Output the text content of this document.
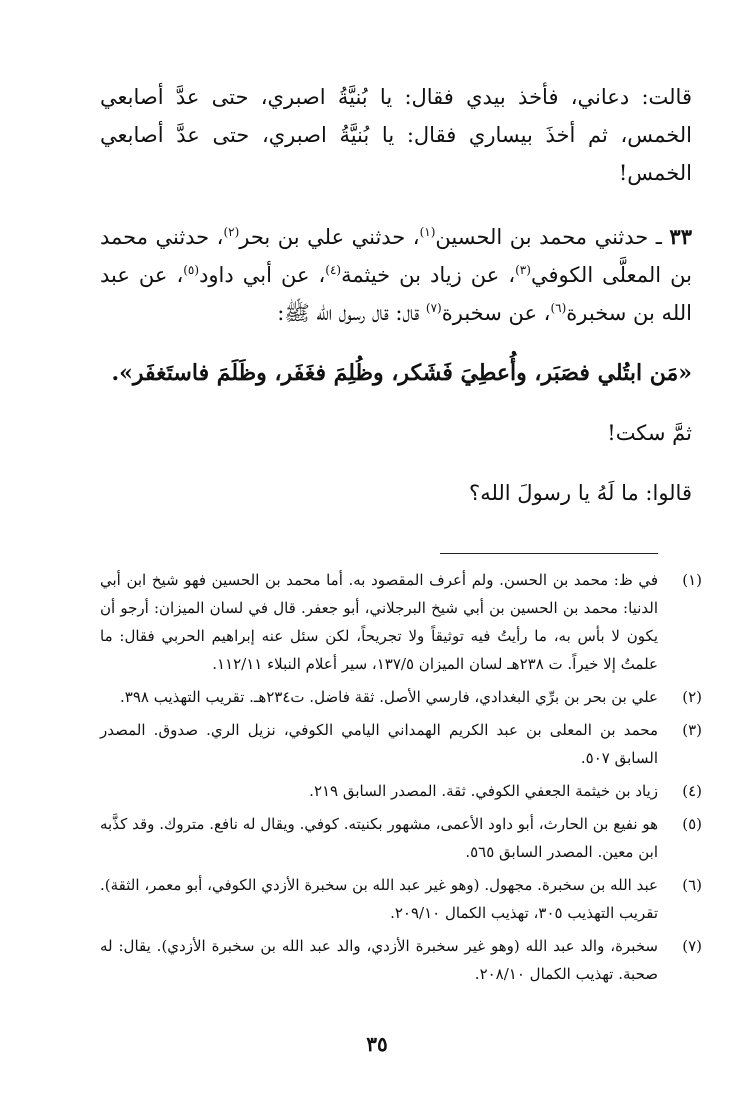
قالت: دعاني، فأخذ بيدي فقال: يا بُنيَّةُ اصبري، حتى عدَّ أصابعي الخمس، ثم أخذَ بيساري فقال: يا بُنيَّةُ اصبري، حتى عدَّ أصابعي الخمس!

٣٣ ـ حدثني محمد بن الحسين$^{(١)}$، حدثني علي بن بحر$^{(٢)}$، حدثني محمد بن المعلَّى الكوفي$^{(٣)}$، عن زياد بن خيثمة$^{(٤)}$، عن أبي داود$^{(٥)}$، عن عبد الله بن سخبرة$^{(٦)}$، عن سخبرة$^{(٧)}$ قال: قال رسول الله ﷺ:

«مَن ابتُلي فصَبَر، وأُعطِيَ فَشَكر، وظُلِمَ فغَفَر، وظَلَمَ فاستَغفَر».

ثمَّ سكت!

قالوا: ما لَهُ يا رسولَ الله؟

(١)
في ظ: محمد بن الحسن. ولم أعرف المقصود به. أما محمد بن الحسين فهو شيخ ابن أبي الدنيا: محمد بن الحسين بن أبي شيخ البرجلاني، أبو جعفر. قال في لسان الميزان: أرجو أن يكون لا بأس به، ما رأيتُ فيه توثيقاً ولا تجريحاً، لكن سئل عنه إبراهيم الحربي فقال: ما علمتُ إلا خيراً. ت ٢٣٨هـ لسان الميزان ١٣٧/٥، سير أعلام النبلاء ١١٢/١١.
(٢)
علي بن بحر بن برِّي البغدادي، فارسي الأصل. ثقة فاضل. ت٢٣٤هـ. تقريب التهذيب ٣٩٨.
(٣)
محمد بن المعلى بن عبد الكريم الهمداني اليامي الكوفي، نزيل الري. صدوق. المصدر السابق ٥٠٧.
(٤)
زياد بن خيثمة الجعفي الكوفي. ثقة. المصدر السابق ٢١٩.
(٥)
هو نفيع بن الحارث، أبو داود الأعمى، مشهور بكنيته. كوفي. ويقال له نافع. متروك. وقد كذَّبه ابن معين. المصدر السابق ٥٦٥.
(٦)
عبد الله بن سخبرة. مجهول. (وهو غير عبد الله بن سخبرة الأزدي الكوفي، أبو معمر، الثقة). تقريب التهذيب ٣٠٥، تهذيب الكمال ٢٠٩/١٠.
(٧)
سخبرة، والد عبد الله (وهو غير سخبرة الأزدي، والد عبد الله بن سخبرة الأزدي). يقال: له صحبة. تهذيب الكمال ٢٠٨/١٠.
٣٥
